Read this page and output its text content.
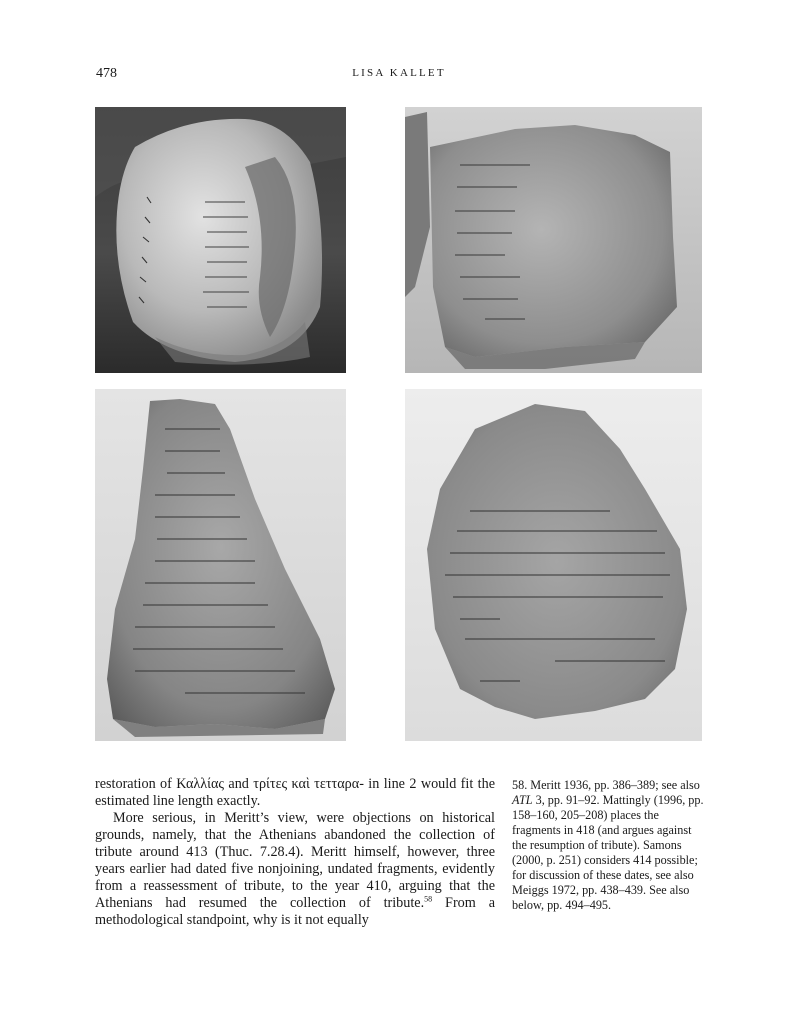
478	LISA KALLET

restoration of Καλλίας and τρίτες καὶ τετταρα- in line 2 would fit the estimated line length exactly.

More serious, in Meritt’s view, were objections on historical grounds, namely, that the Athenians abandoned the collection of tribute around 413 (Thuc. 7.28.4). Meritt himself, however, three years earlier had dated five nonjoining, undated fragments, evidently from a reassessment of tribute, to the year 410, arguing that the Athenians had resumed the collection of tribute.$^{58}$ From a methodological standpoint, why is it not equally

58. Meritt 1936, pp. 386–389; see also ATL 3, pp. 91–92. Mattingly (1996, pp. 158–160, 205–208) places the fragments in 418 (and argues against the resumption of tribute). Samons (2000, p. 251) considers 414 possible; for discussion of these dates, see also Meiggs 1972, pp. 438–439. See also below, pp. 494–495.
